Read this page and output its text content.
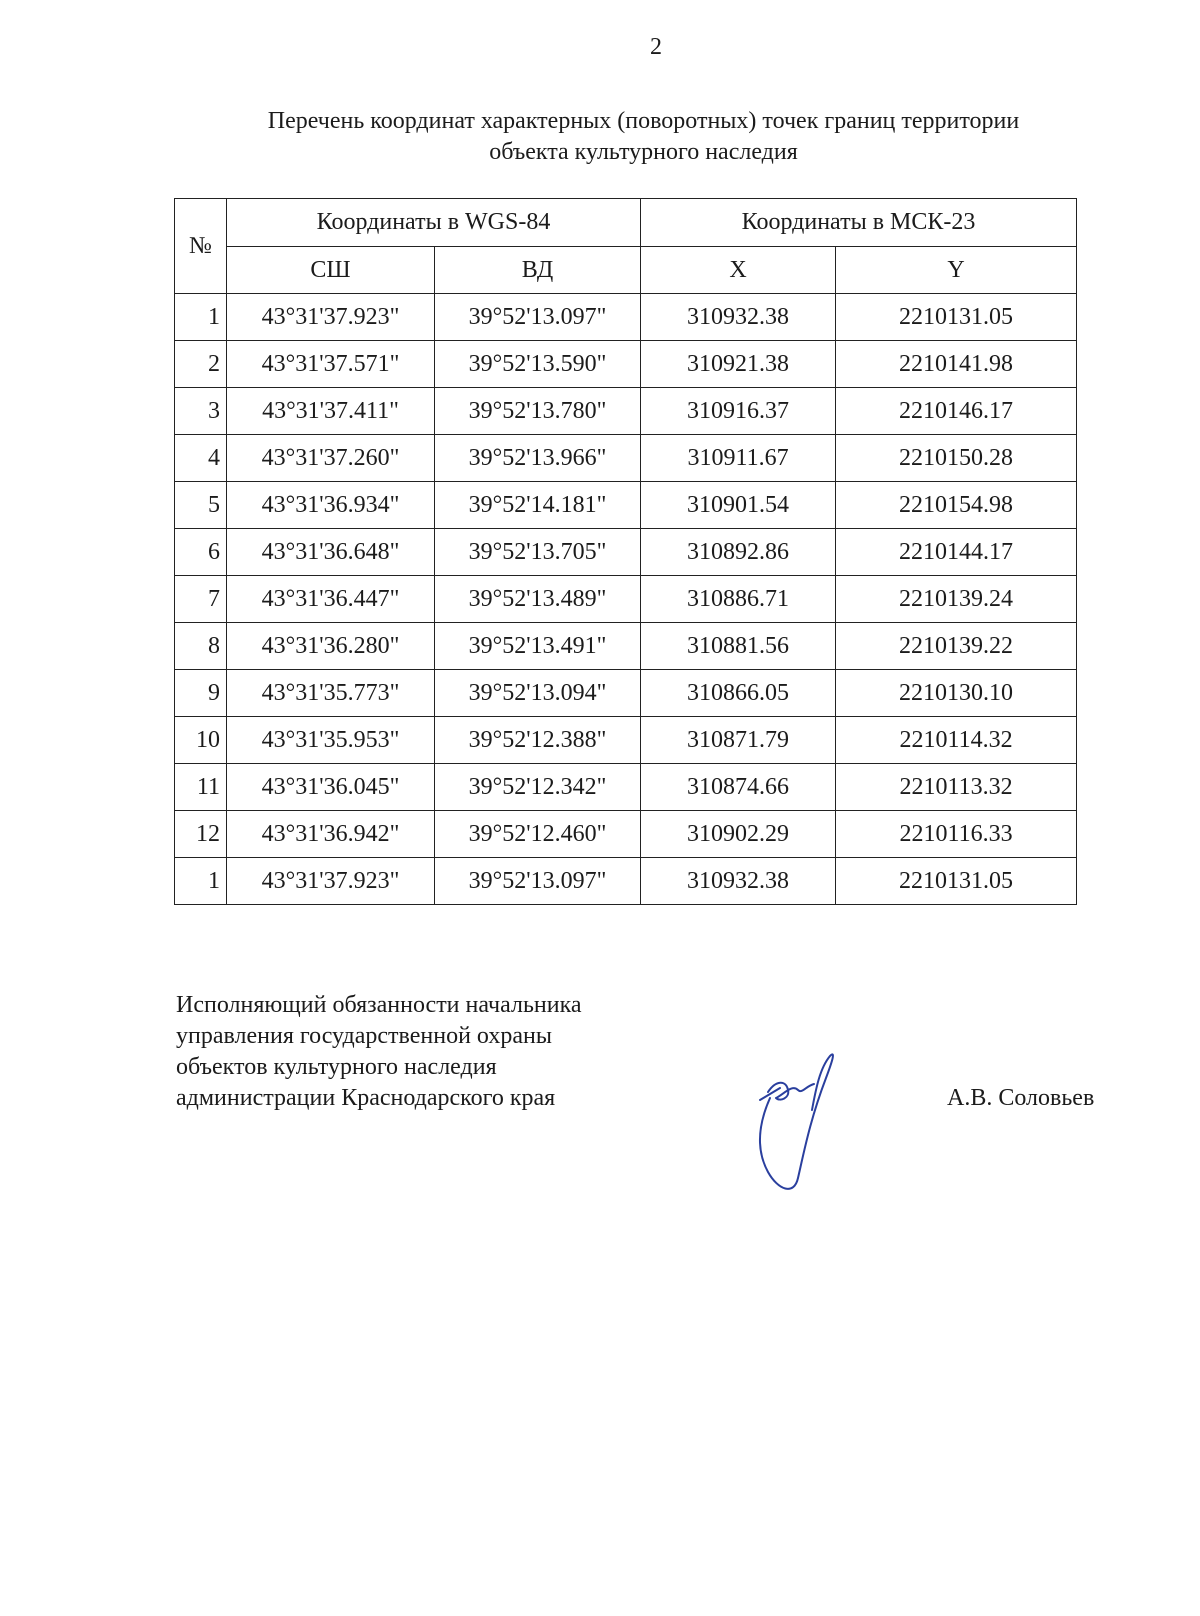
2
Перечень координат характерных (поворотных) точек границ территории
объекта культурного наследия
№	Координаты в WGS-84		Координаты в МСК-23	
	СШ	ВД	X	Y
1	43°31'37.923"	39°52'13.097"	310932.38	2210131.05
2	43°31'37.571"	39°52'13.590"	310921.38	2210141.98
3	43°31'37.411"	39°52'13.780"	310916.37	2210146.17
4	43°31'37.260"	39°52'13.966"	310911.67	2210150.28
5	43°31'36.934"	39°52'14.181"	310901.54	2210154.98
6	43°31'36.648"	39°52'13.705"	310892.86	2210144.17
7	43°31'36.447"	39°52'13.489"	310886.71	2210139.24
8	43°31'36.280"	39°52'13.491"	310881.56	2210139.22
9	43°31'35.773"	39°52'13.094"	310866.05	2210130.10
10	43°31'35.953"	39°52'12.388"	310871.79	2210114.32
11	43°31'36.045"	39°52'12.342"	310874.66	2210113.32
12	43°31'36.942"	39°52'12.460"	310902.29	2210116.33
1	43°31'37.923"	39°52'13.097"	310932.38	2210131.05
Исполняющий обязанности начальника
управления государственной охраны
объектов культурного наследия
администрации Краснодарского края	А.В. Соловьев
